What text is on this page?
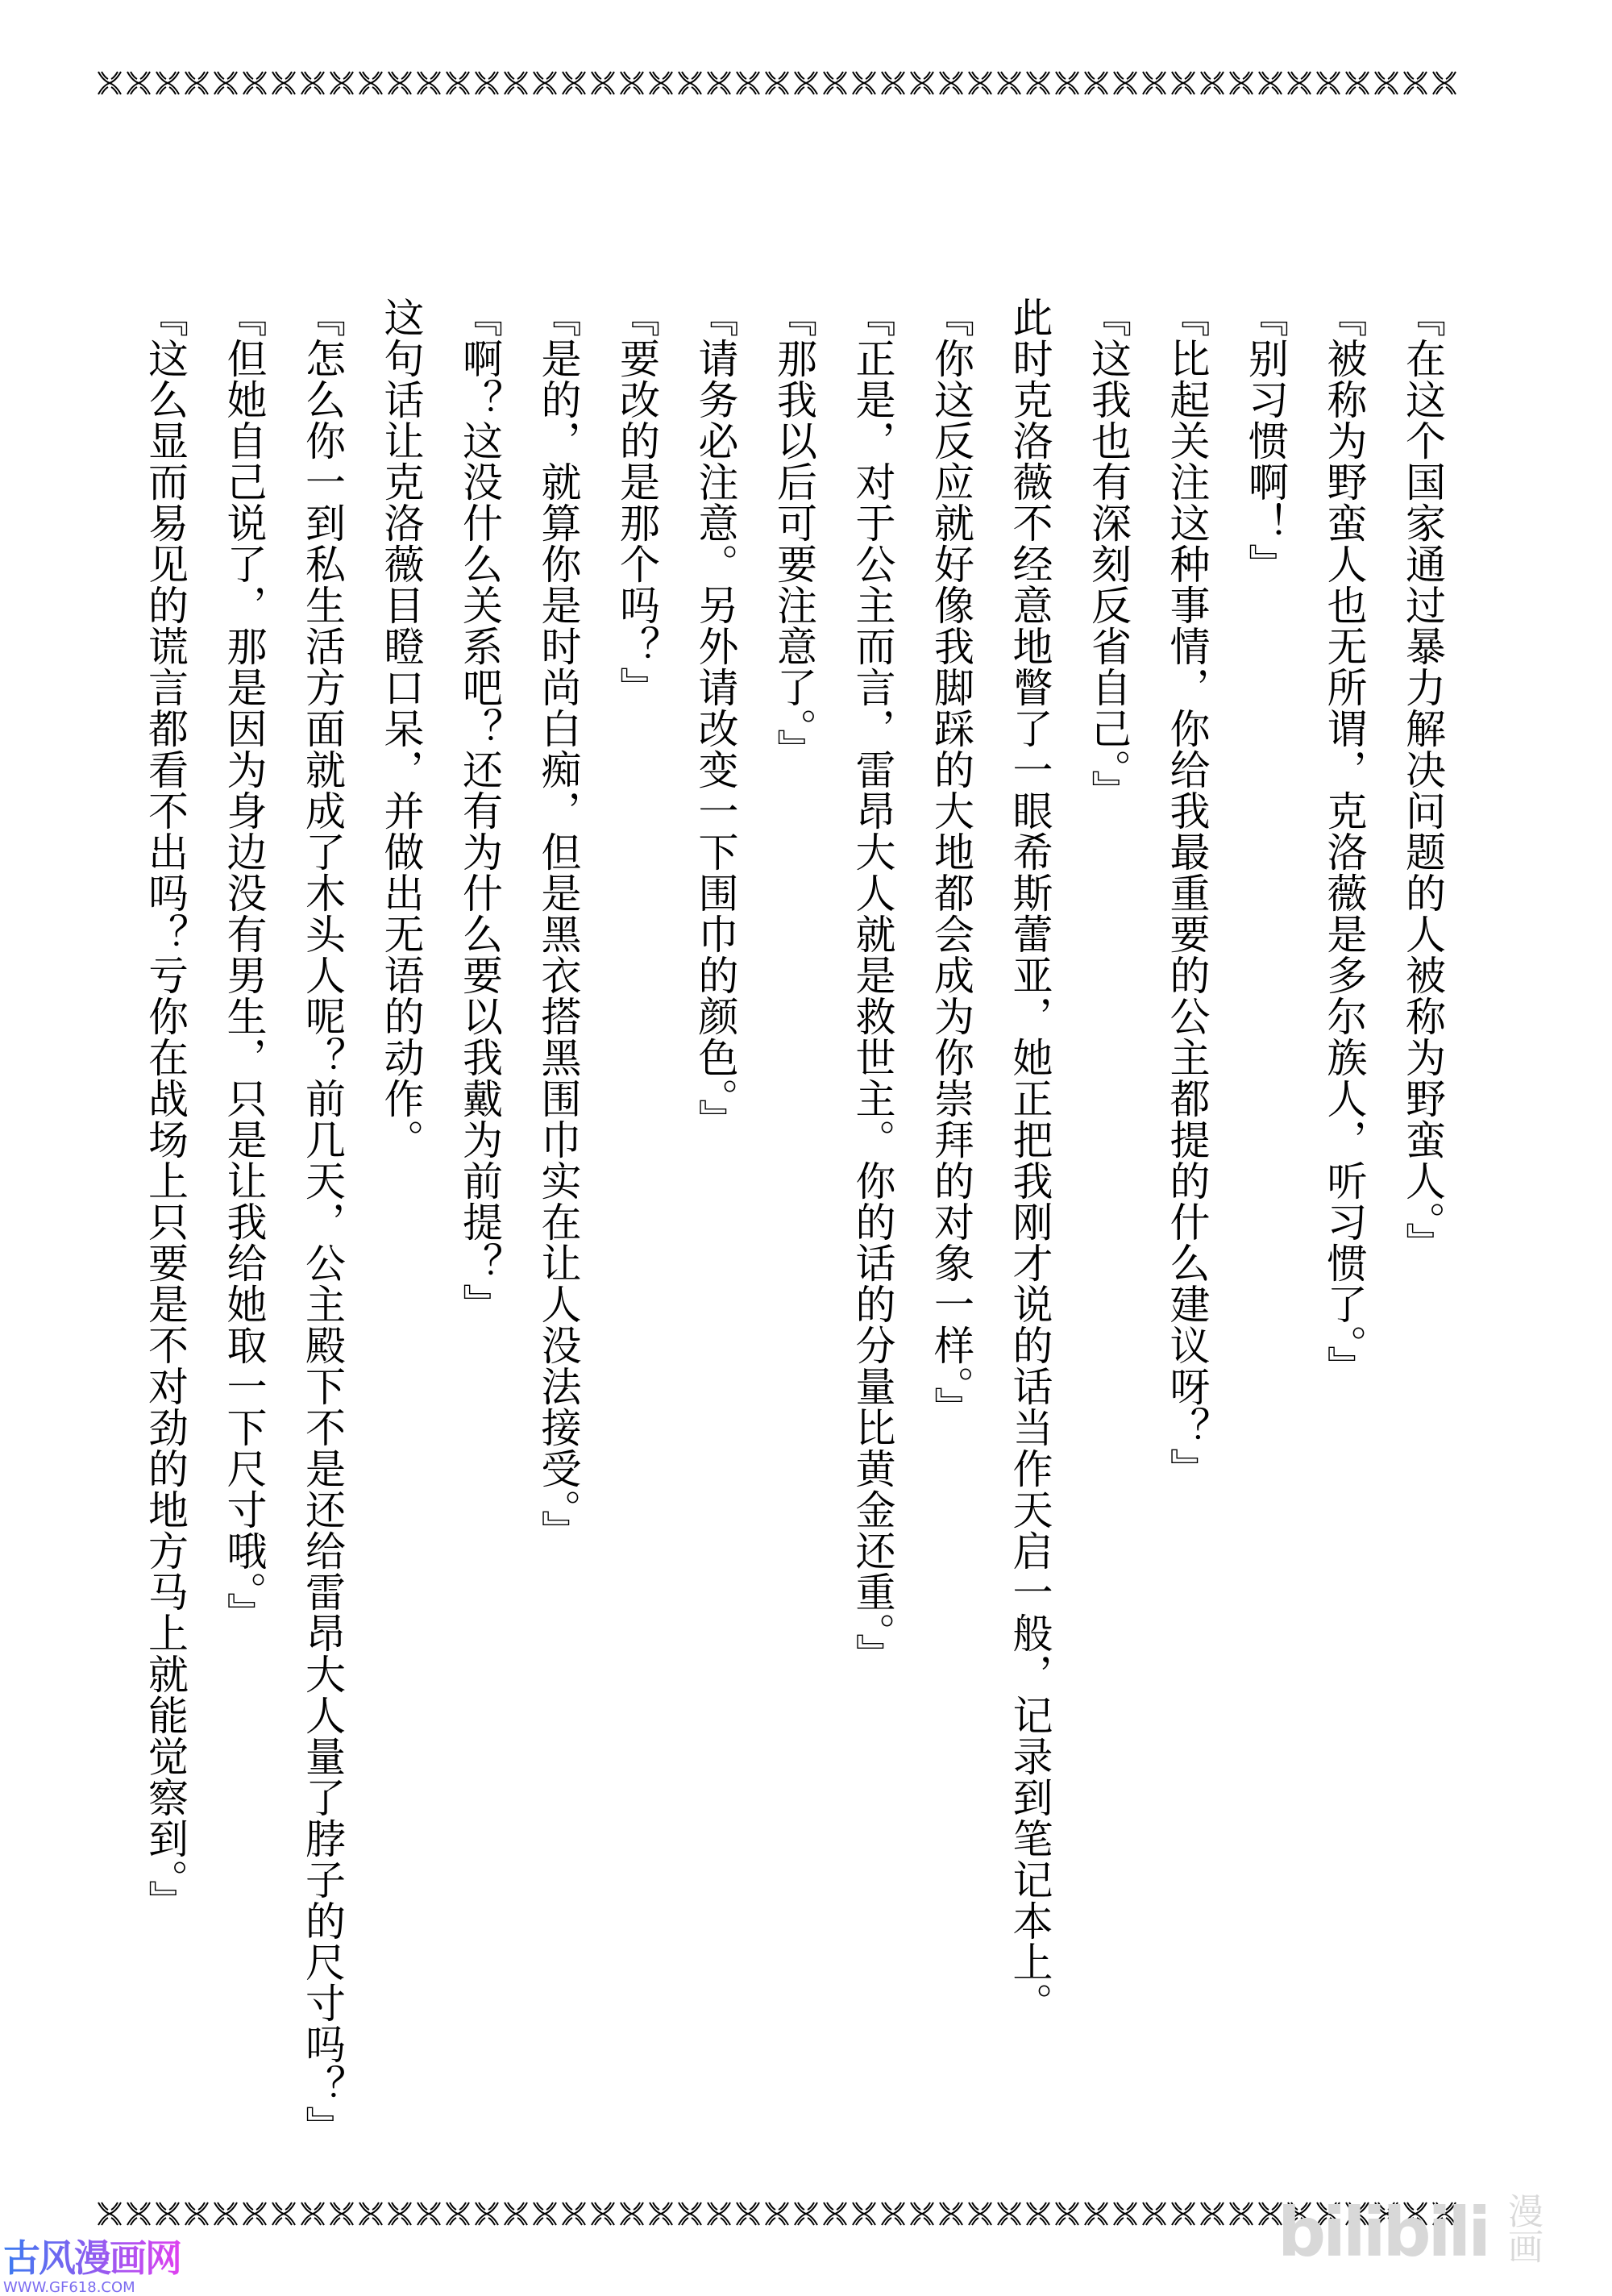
『在这个国家通过暴力解决问题的人被称为野蛮人。』
『被称为野蛮人也无所谓，克洛薇是多尔族人，听习惯了。』
『别习惯啊！』
『比起关注这种事情，你给我最重要的公主都提的什么建议呀？』
『这我也有深刻反省自己。』
此时克洛薇不经意地瞥了一眼希斯蕾亚，她正把我刚才说的话当作天启一般，记录到笔记本上。
『你这反应就好像我脚踩的大地都会成为你崇拜的对象一样。』
『正是，对于公主而言，雷昂大人就是救世主。你的话的分量比黄金还重。』
『那我以后可要注意了。』
『请务必注意。另外请改变一下围巾的颜色。』
『要改的是那个吗？』
『是的，就算你是时尚白痴，但是黑衣搭黑围巾实在让人没法接受。』
『啊？这没什么关系吧？还有为什么要以我戴为前提？』
这句话让克洛薇目瞪口呆，并做出无语的动作。
『怎么你一到私生活方面就成了木头人呢？前几天，公主殿下不是还给雷昂大人量了脖子的尺寸吗？』
『但她自己说了，那是因为身边没有男生，只是让我给她取一下尺寸哦。』
『这么显而易见的谎言都看不出吗？亏你在战场上只要是不对劲的地方马上就能觉察到。』
古风漫画网
WWW.GF618.COM
bilibili 漫画
